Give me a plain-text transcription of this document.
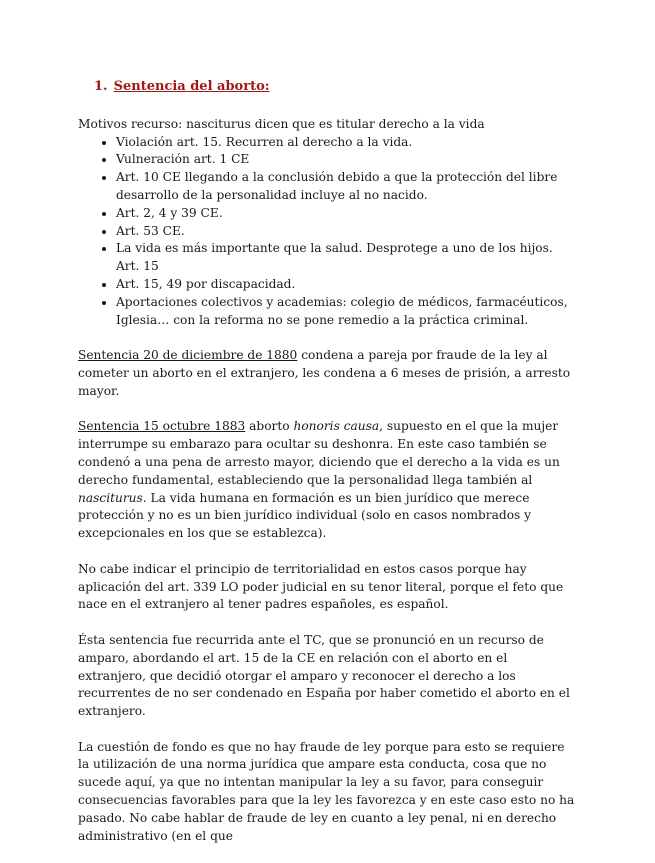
1. Sentencia del aborto:

Motivos recurso: nasciturus dicen que es titular derecho a la vida

• Violación art. 15. Recurren al derecho a la vida.
• Vulneración art. 1 CE
• Art. 10 CE llegando a la conclusión debido a que la protección del libre desarrollo de la personalidad incluye al no nacido.
• Art. 2, 4 y 39 CE.
• Art. 53 CE.
• La vida es más importante que la salud. Desprotege a uno de los hijos. Art. 15
• Art. 15, 49 por discapacidad.
• Aportaciones colectivos y academias: colegio de médicos, farmacéuticos, Iglesia… con la reforma no se pone remedio a la práctica criminal.

Sentencia 20 de diciembre de 1880 condena a pareja por fraude de la ley al cometer un aborto en el extranjero, les condena a 6 meses de prisión, a arresto mayor.

Sentencia 15 octubre 1883 aborto honoris causa, supuesto en el que la mujer interrumpe su embarazo para ocultar su deshonra. En este caso también se condenó a una pena de arresto mayor, diciendo que el derecho a la vida es un derecho fundamental, estableciendo que la personalidad llega también al nasciturus. La vida humana en formación es un bien jurídico que merece protección y no es un bien jurídico individual (solo en casos nombrados y excepcionales en los que se establezca).

No cabe indicar el principio de territorialidad en estos casos porque hay aplicación del art. 339 LO poder judicial en su tenor literal, porque el feto que nace en el extranjero al tener padres españoles, es español.

Ésta sentencia fue recurrida ante el TC, que se pronunció en un recurso de amparo, abordando el art. 15 de la CE en relación con el aborto en el extranjero, que decidió otorgar el amparo y reconocer el derecho a los recurrentes de no ser condenado en España por haber cometido el aborto en el extranjero.

La cuestión de fondo es que no hay fraude de ley porque para esto se requiere la utilización de una norma jurídica que ampare esta conducta, cosa que no sucede aquí, ya que no intentan manipular la ley a su favor, para conseguir consecuencias favorables para que la ley les favorezca y en este caso esto no ha pasado. No cabe hablar de fraude de ley en cuanto a ley penal, ni en derecho administrativo (en el que
